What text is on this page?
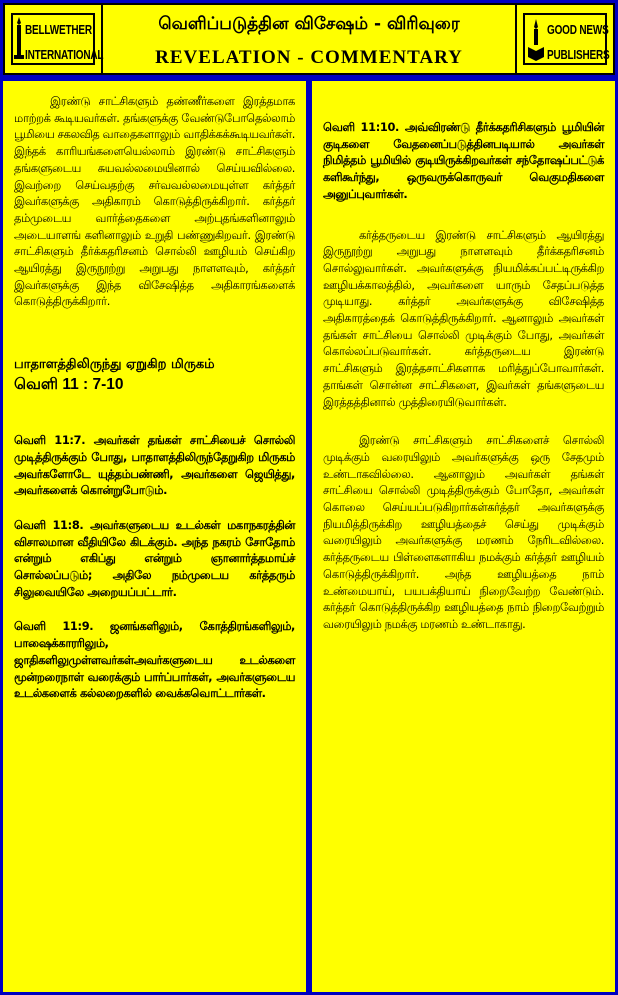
BELLWETHER
INTERNATIONAL
வெளிப்படுத்தின விசேஷம் - விரிவுரை
REVELATION - COMMENTARY
GOOD NEWS
PUBLISHERS

இரண்டு சாட்சிகளும் தண்ணீர்களை இரத்தமாக மாற்றக் கூடியவர்கள். தங்களுக்கு வேண்டுபோதெல்லாம் பூமியை சகலவித வாதைகளாலும் வாதிக்கக்கூடியவர்கள். இந்தக் காரியங்களையெல்லாம் இரண்டு சாட்சிகளும் தங்களுடைய சுயவல்லமையினால் செய்யவில்லை. இவற்றை செய்வதற்கு சர்வவல்லமையுள்ள கர்த்தர் இவர்களுக்கு அதிகாரம் கொடுத்திருக்கிறார். கர்த்தர் தம்முடைய வார்த்தைகளை அற்புதங்களினாலும் அடையாளங் களினாலும் உறுதி பண்ணுகிறவர். இரண்டு சாட்சிகளும் தீர்க்கதரிசனம் சொல்லி ஊழியம் செய்கிற ஆயிரத்து இருநூற்று அறுபது நாளளவும், கர்த்தர் இவர்களுக்கு இந்த விசேஷித்த அதிகாரங்களைக் கொடுத்திருக்கிறார்.

பாதாளத்திலிருந்து ஏறுகிற மிருகம்

வெளி 11 : 7-10

வெளி 11:7. அவர்கள் தங்கள் சாட்சியைச் சொல்லி முடித்திருக்கும் போது, பாதாளத்திலிருந்தேறுகிற மிருகம் அவர்களோடே யுத்தம்பண்ணி, அவர்களை ஜெயித்து, அவர்களைக் கொன்றுபோடும்.

வெளி 11:8. அவர்களுடைய உடல்கள் மகாநகரத்தின் விசாலமான வீதியிலே கிடக்கும். அந்த நகரம் சோதோம் என்றும் எகிப்து என்றும் ஞானார்த்தமாய்ச் சொல்லப்படும்; அதிலே நம்முடைய கர்த்தரும் சிலுவையிலே அறையப்பட்டார்.

வெளி 11:9. ஜனங்களிலும், கோத்திரங்களிலும், பாஷைக்காரரிலும், ஜாதிகளிலுமுள்ளவர்கள்அவர்களுடைய உடல்களை மூன்றரைநாள் வரைக்கும் பார்ப்பார்கள், அவர்களுடைய உடல்களைக் கல்லறைகளில் வைக்கவொட்டார்கள்.

வெளி 11:10. அவ்விரண்டு தீர்க்கதரிசிகளும் பூமியின் குடிகளை வேதனைப்படுத்தினபடியால் அவர்கள் நிமித்தம் பூமியில் குடியிருக்கிறவர்கள் சந்தோஷப்பட்டுக் களிகூர்ந்து, ஒருவருக்கொருவர் வெகுமதிகளை அனுப்புவார்கள்.

கர்த்தருடைய இரண்டு சாட்சிகளும் ஆயிரத்து இருநூற்று அறுபது நாளளவும் தீர்க்கதரிசனம் சொல்லுவார்கள். அவர்களுக்கு நியமிக்கப்பட்டிருக்கிற ஊழியக்காலத்தில், அவர்களை யாரும் சேதப்படுத்த முடியாது. கர்த்தர் அவர்களுக்கு விசேஷித்த அதிகாரத்தைக் கொடுத்திருக்கிறார். ஆனாலும் அவர்கள் தங்கள் சாட்சியை சொல்லி முடிக்கும் போது, அவர்கள் கொல்லப்படுவார்கள். கர்த்தருடைய இரண்டு சாட்சிகளும் இரத்தசாட்சிகளாக மரித்துப்போவார்கள். தாங்கள் சொன்ன சாட்சிகளை, இவர்கள் தங்களுடைய இரத்தத்தினால் முத்திரையிடுவார்கள்.

இரண்டு சாட்சிகளும் சாட்சிகளைச் சொல்லி முடிக்கும் வரையிலும் அவர்களுக்கு ஒரு சேதமும் உண்டாகவில்லை. ஆனாலும் அவர்கள் தங்கள் சாட்சியை சொல்லி முடித்திருக்கும் போதோ, அவர்கள் கொலை செய்யப்படுகிறார்கள்கர்த்தர் அவர்களுக்கு நியமித்திருக்கிற ஊழியத்தைச் செய்து முடிக்கும் வரையிலும் அவர்களுக்கு மரணம் நேரிடவில்லை. கர்த்தருடைய பிள்ளைகளாகிய நமக்கும் கர்த்தர் ஊழியம் கொடுத்திருக்கிறார். அந்த ஊழியத்தை நாம் உண்மையாய், பயபக்தியாய் நிறைவேற்ற வேண்டும். கர்த்தர் கொடுத்திருக்கிற ஊழியத்தை நாம் நிறைவேற்றும் வரையிலும் நமக்கு மரணம் உண்டாகாது.
